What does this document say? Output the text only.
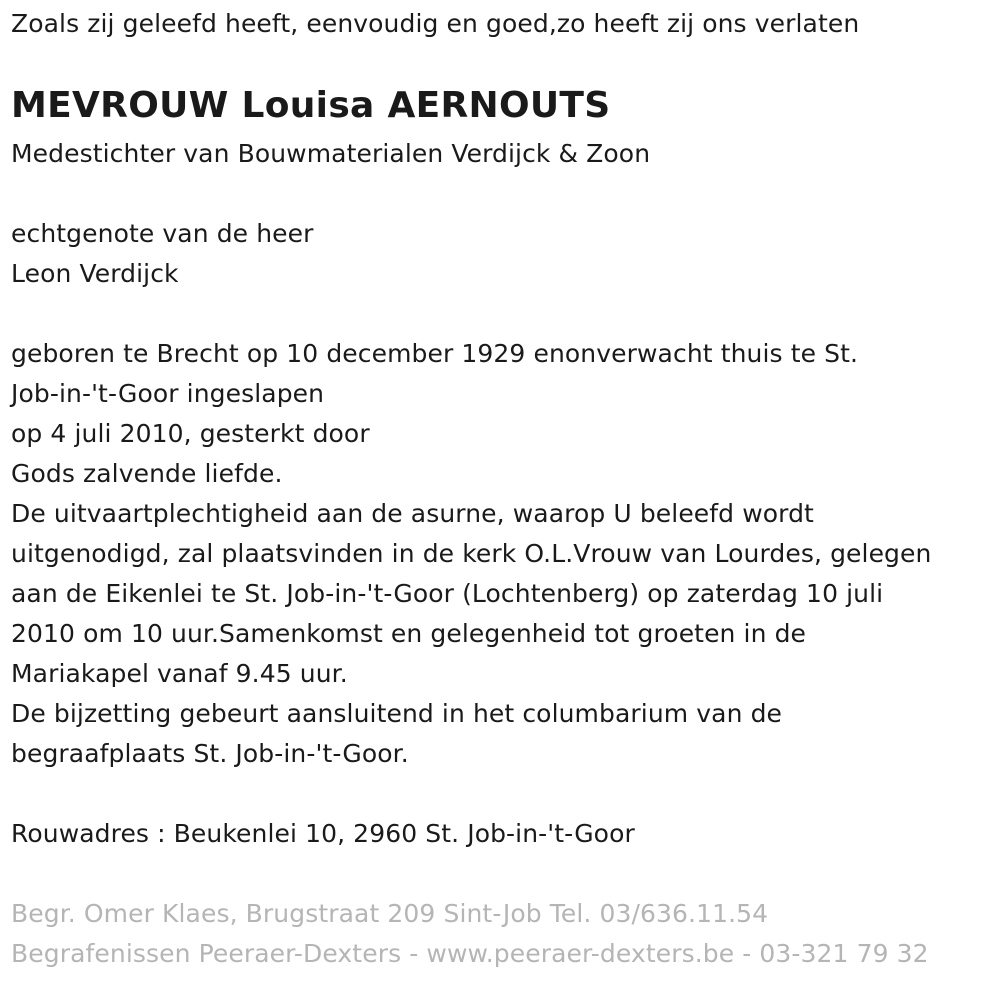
Zoals zij geleefd heeft, eenvoudig en goed,zo heeft zij ons verlaten
MEVROUW Louisa AERNOUTS
Medestichter van Bouwmaterialen Verdijck & Zoon
echtgenote van de heer
Leon Verdijck
geboren te Brecht op 10 december 1929 enonverwacht thuis te St.
Job-in-'t-Goor ingeslapen
op 4 juli 2010, gesterkt door
Gods zalvende liefde.
De uitvaartplechtigheid aan de asurne, waarop U beleefd wordt
uitgenodigd, zal plaatsvinden in de kerk O.L.Vrouw van Lourdes, gelegen
aan de Eikenlei te St. Job-in-'t-Goor (Lochtenberg) op zaterdag 10 juli
2010 om 10 uur.Samenkomst en gelegenheid tot groeten in de
Mariakapel vanaf 9.45 uur.
De bijzetting gebeurt aansluitend in het columbarium van de
begraafplaats St. Job-in-'t-Goor.
Rouwadres : Beukenlei 10, 2960 St. Job-in-'t-Goor
Begr. Omer Klaes, Brugstraat 209 Sint-Job Tel. 03/636.11.54
Begrafenissen Peeraer-Dexters - www.peeraer-dexters.be - 03-321 79 32
